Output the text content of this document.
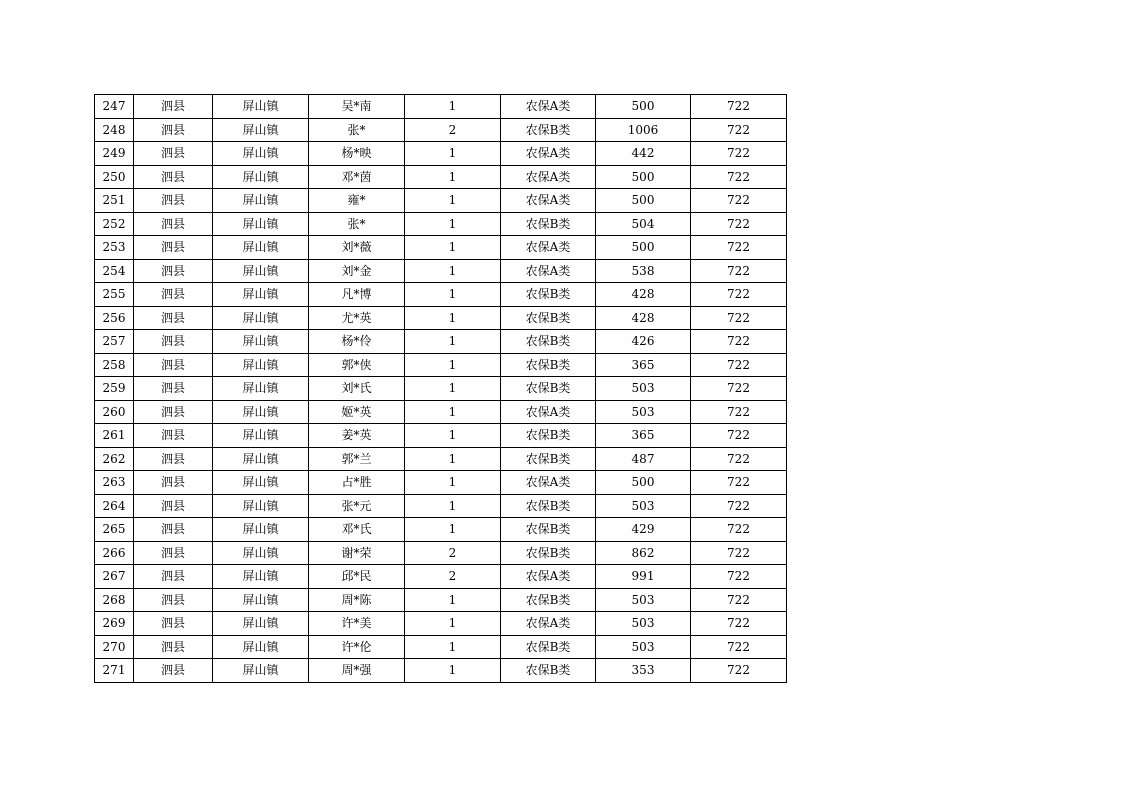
247	泗县	屏山镇	吴*南	1	农保A类	500	722
248	泗县	屏山镇	张*	2	农保B类	1006	722
249	泗县	屏山镇	杨*映	1	农保A类	442	722
250	泗县	屏山镇	邓*茵	1	农保A类	500	722
251	泗县	屏山镇	雍*	1	农保A类	500	722
252	泗县	屏山镇	张*	1	农保B类	504	722
253	泗县	屏山镇	刘*薇	1	农保A类	500	722
254	泗县	屏山镇	刘*金	1	农保A类	538	722
255	泗县	屏山镇	凡*博	1	农保B类	428	722
256	泗县	屏山镇	尤*英	1	农保B类	428	722
257	泗县	屏山镇	杨*伶	1	农保B类	426	722
258	泗县	屏山镇	郭*侠	1	农保B类	365	722
259	泗县	屏山镇	刘*氏	1	农保B类	503	722
260	泗县	屏山镇	姬*英	1	农保A类	503	722
261	泗县	屏山镇	姜*英	1	农保B类	365	722
262	泗县	屏山镇	郭*兰	1	农保B类	487	722
263	泗县	屏山镇	占*胜	1	农保A类	500	722
264	泗县	屏山镇	张*元	1	农保B类	503	722
265	泗县	屏山镇	邓*氏	1	农保B类	429	722
266	泗县	屏山镇	谢*荣	2	农保B类	862	722
267	泗县	屏山镇	邱*民	2	农保A类	991	722
268	泗县	屏山镇	周*陈	1	农保B类	503	722
269	泗县	屏山镇	许*美	1	农保A类	503	722
270	泗县	屏山镇	许*伦	1	农保B类	503	722
271	泗县	屏山镇	周*强	1	农保B类	353	722
